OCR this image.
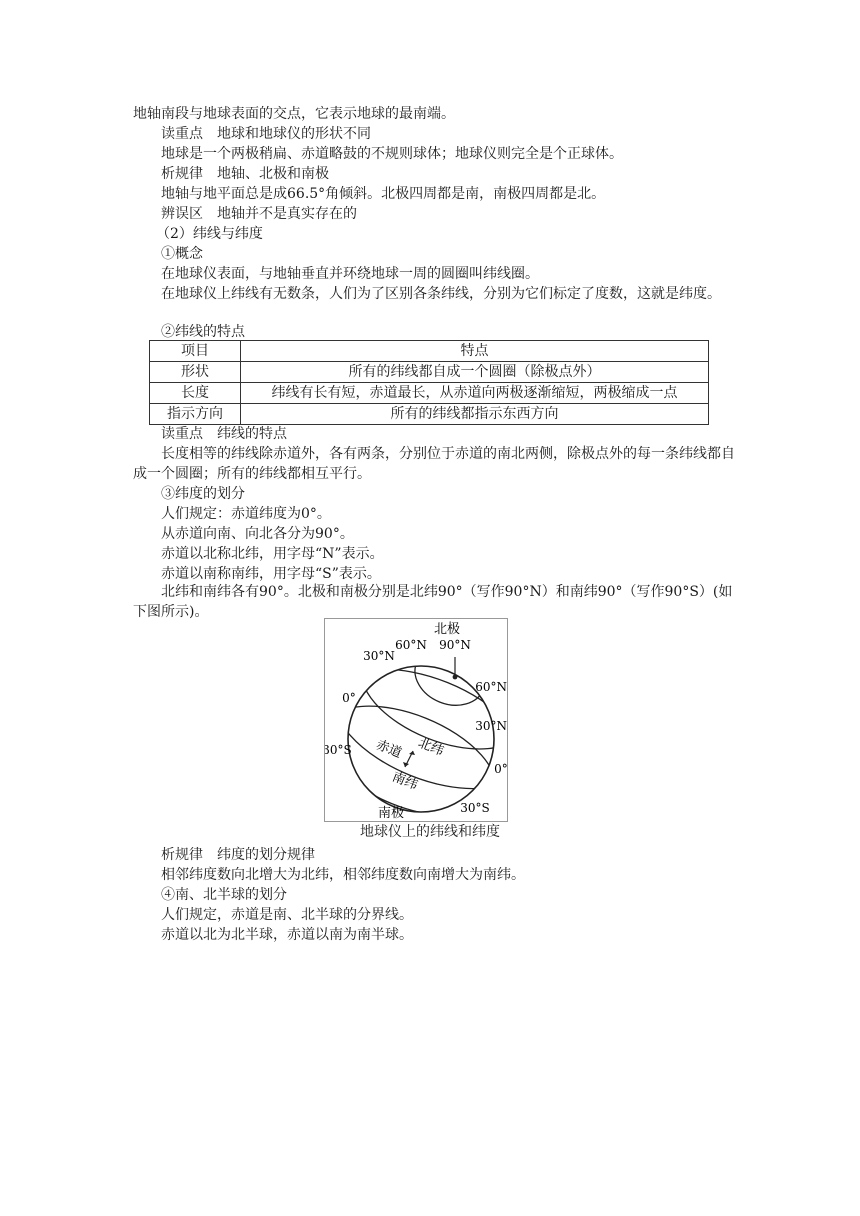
地轴南段与地球表面的交点，它表示地球的最南端。
读重点　地球和地球仪的形状不同
地球是一个两极稍扁、赤道略鼓的不规则球体；地球仪则完全是个正球体。
析规律　地轴、北极和南极
地轴与地平面总是成66.5°角倾斜。北极四周都是南，南极四周都是北。
辨误区　地轴并不是真实存在的
（2）纬线与纬度
①概念
在地球仪表面，与地轴垂直并环绕地球一周的圆圈叫纬线圈。
在地球仪上纬线有无数条，人们为了区别各条纬线，分别为它们标定了度数，这就是纬度。
②纬线的特点
项目	特点
形状	所有的纬线都自成一个圆圈（除极点外）
长度	纬线有长有短，赤道最长，从赤道向两极逐渐缩短，两极缩成一点
指示方向	所有的纬线都指示东西方向
读重点　纬线的特点
长度相等的纬线除赤道外，各有两条，分别位于赤道的南北两侧，除极点外的每一条纬线都自成一个圆圈；所有的纬线都相互平行。
③纬度的划分
人们规定：赤道纬度为0°。
从赤道向南、向北各分为90°。
赤道以北称北纬，用字母“N”表示。
赤道以南称南纬，用字母“S”表示。
北纬和南纬各有90°。北极和南极分别是北纬90°（写作90°N）和南纬90°（写作90°S）(如下图所示)。
北极
90°N
60°N
60°N
30°N
30°N
0°
0°
30°S
30°S
赤道 北纬
南纬
南极
地球仪上的纬线和纬度
析规律　纬度的划分规律
相邻纬度数向北增大为北纬，相邻纬度数向南增大为南纬。
④南、北半球的划分
人们规定，赤道是南、北半球的分界线。
赤道以北为北半球，赤道以南为南半球。
